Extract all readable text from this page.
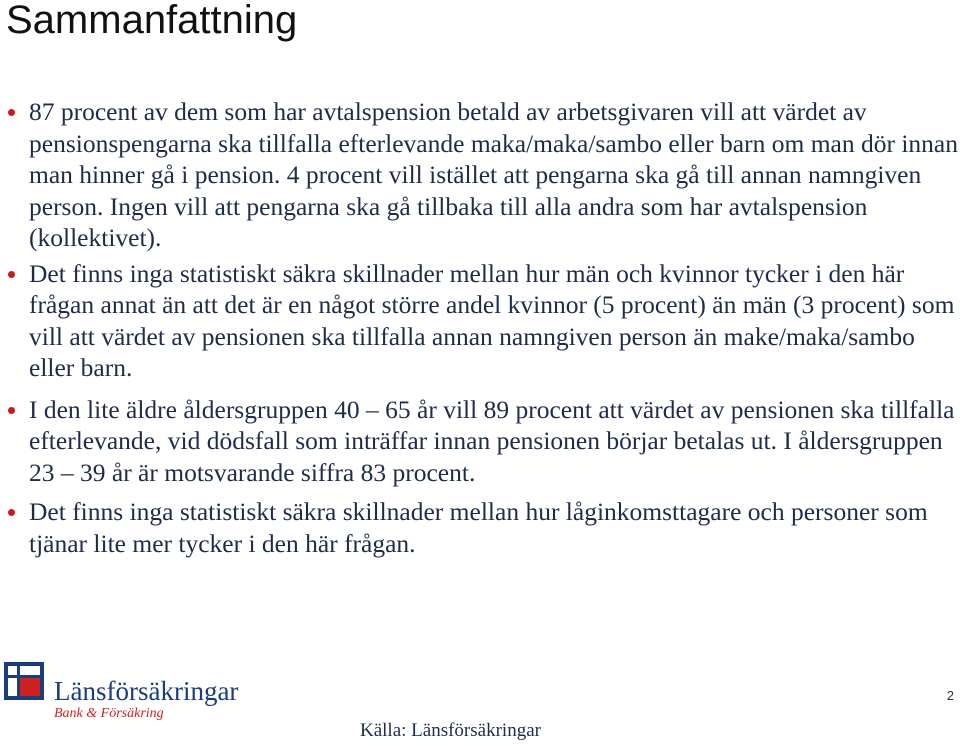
Sammanfattning
87 procent av dem som har avtalspension betald av arbetsgivaren vill att värdet av pensionspengarna ska tillfalla efterlevande maka/maka/sambo eller barn om man dör innan man hinner gå i pension. 4 procent vill istället att pengarna ska gå till annan namngiven person. Ingen vill att pengarna ska gå tillbaka till alla andra som har avtalspension (kollektivet).
Det finns inga statistiskt säkra skillnader mellan hur män och kvinnor tycker i den här frågan annat än att det är en något större andel kvinnor (5 procent) än män (3 procent) som vill att värdet av pensionen ska tillfalla annan namngiven person än make/maka/sambo eller barn.
I den lite äldre åldersgruppen 40 – 65 år vill 89 procent att värdet av pensionen ska tillfalla efterlevande, vid dödsfall som inträffar innan pensionen börjar betalas ut. I åldersgruppen 23 – 39 år är motsvarande siffra 83 procent.
Det finns inga statistiskt säkra skillnader mellan hur låginkomsttagare och personer som tjänar lite mer tycker i den här frågan.
Länsförsäkringar
Bank & Försäkring
2
Källa: Länsförsäkringar
